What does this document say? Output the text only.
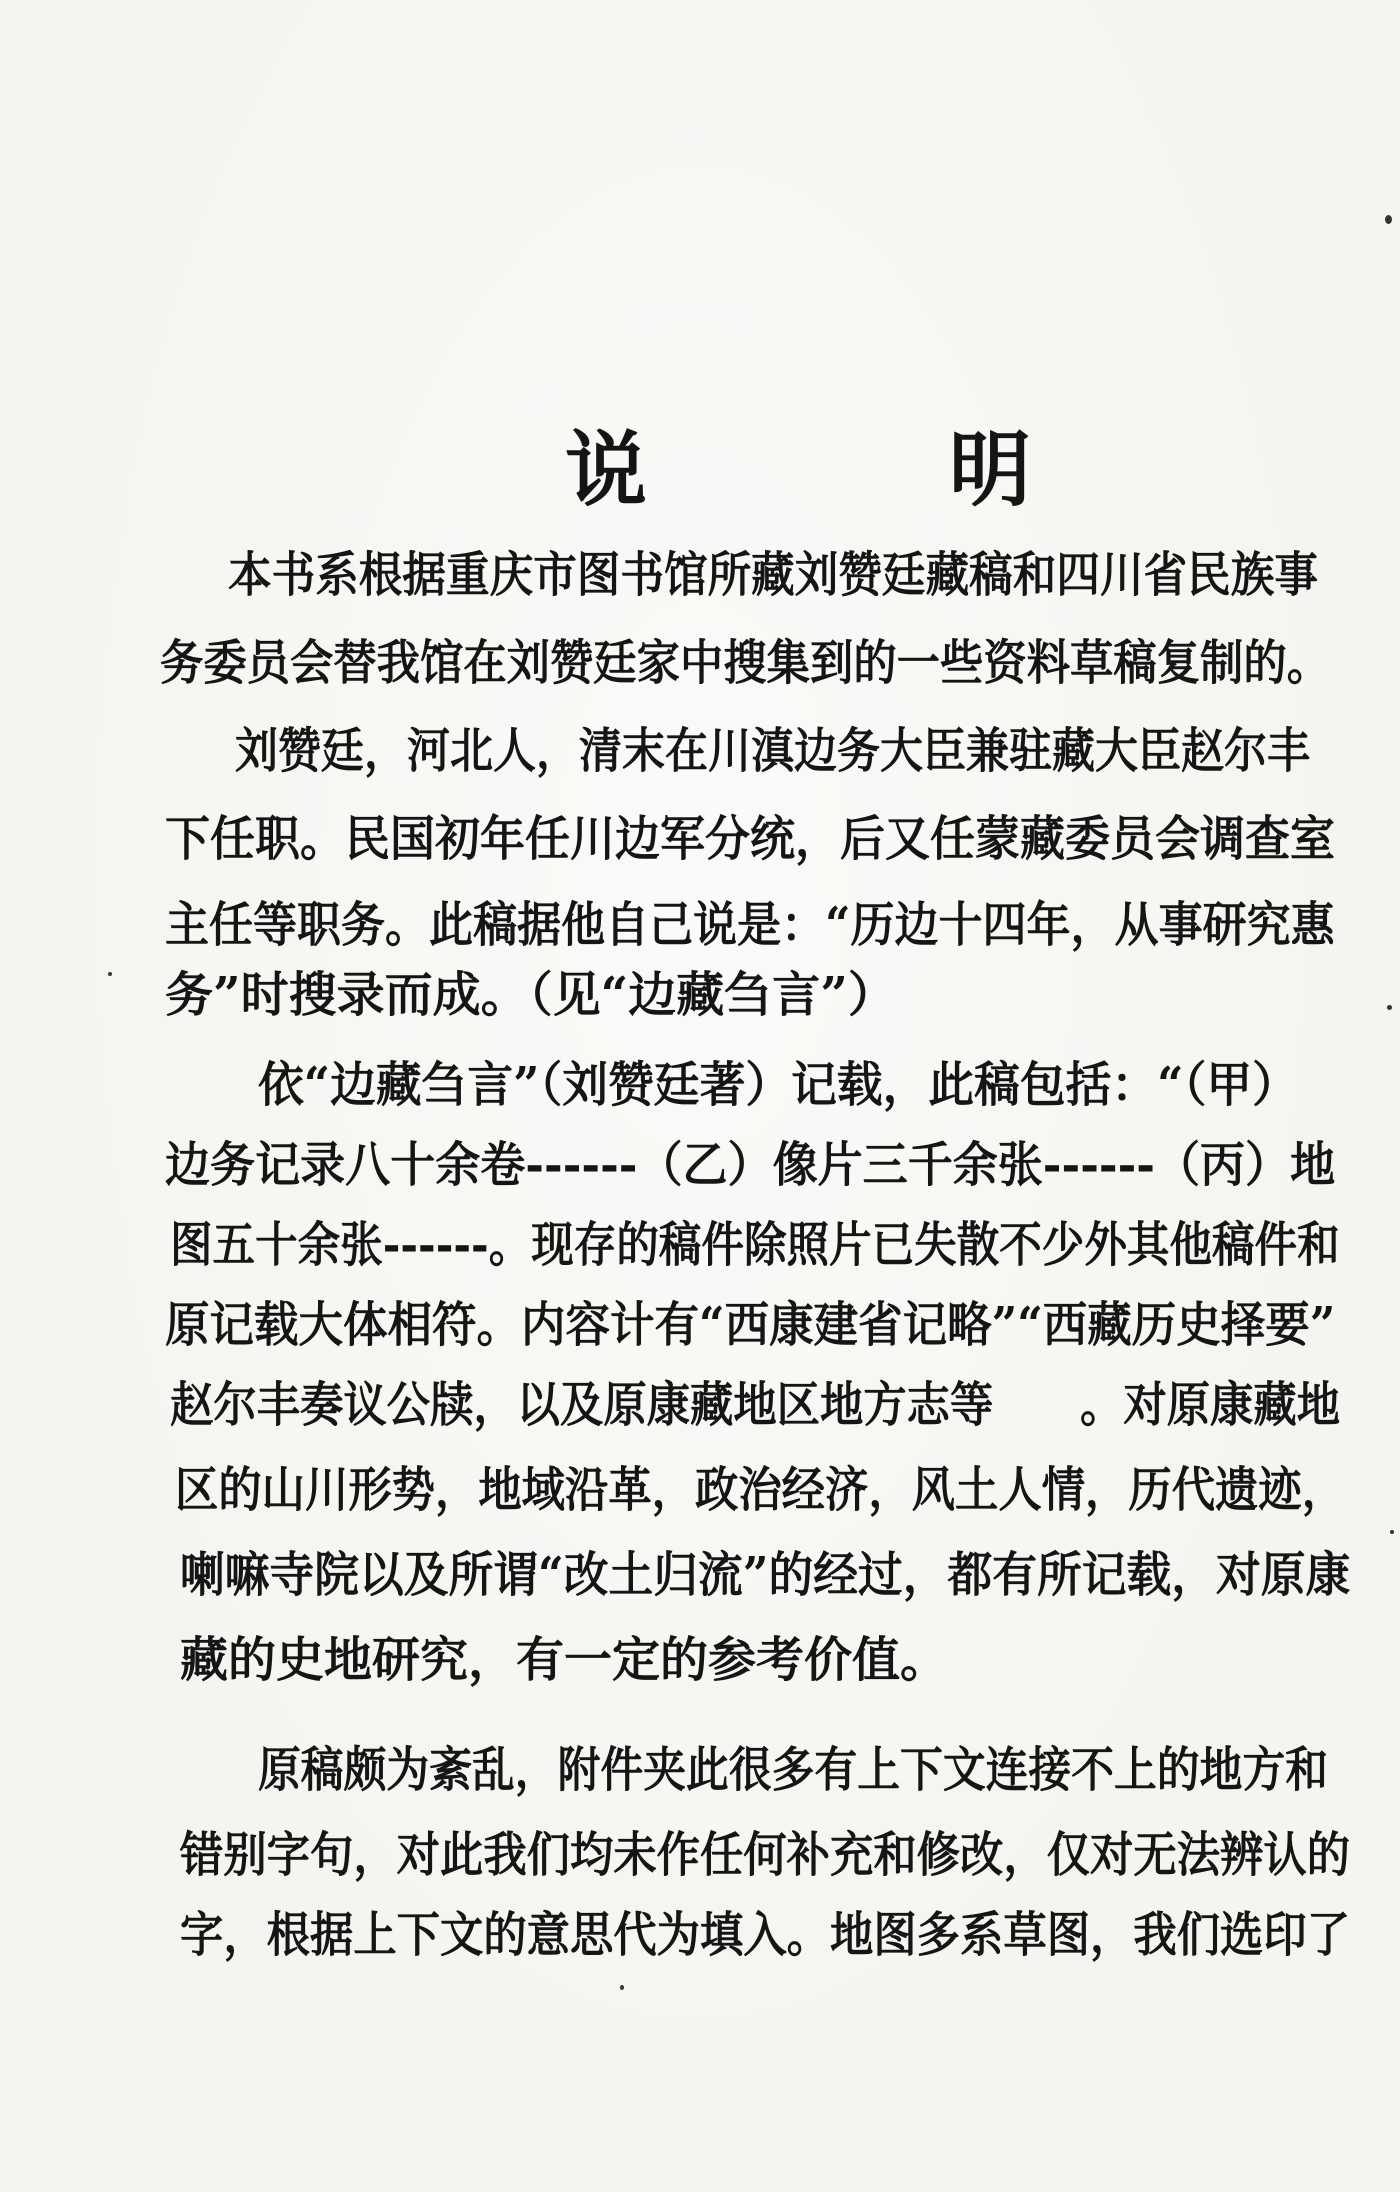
说　明
本书系根据重庆市图书馆所藏刘赞廷藏稿和四川省民族事
务委员会替我馆在刘赞廷家中搜集到的一些资料草稿复制的。
刘赞廷，河北人，清末在川滇边务大臣兼驻藏大臣赵尔丰
下任职。民国初年任川边军分统，后又任蒙藏委员会调查室
主任等职务。此稿据他自己说是：“历边十四年，从事研究惠
务”时搜录而成。（见“边藏刍言”）
依“边藏刍言”（刘赞廷著）记载，此稿包括：“（甲）
边务记录八十余卷------（乙）像片三千余张------（丙）地
图五十余张------。现存的稿件除照片已失散不少外其他稿件和
原记载大体相符。内容计有“西康建省记略”“西藏历史择要”
赵尔丰奏议公牍，以及原康藏地区地方志等　　。对原康藏地
区的山川形势，地域沿革，政治经济，风土人情，历代遗迹，
喇嘛寺院以及所谓“改土归流”的经过，都有所记载，对原康
藏的史地研究，有一定的参考价值。
原稿颇为紊乱，附件夹此很多有上下文连接不上的地方和
错别字句，对此我们均未作任何补充和修改，仅对无法辨认的
字，根据上下文的意思代为填入。地图多系草图，我们选印了
